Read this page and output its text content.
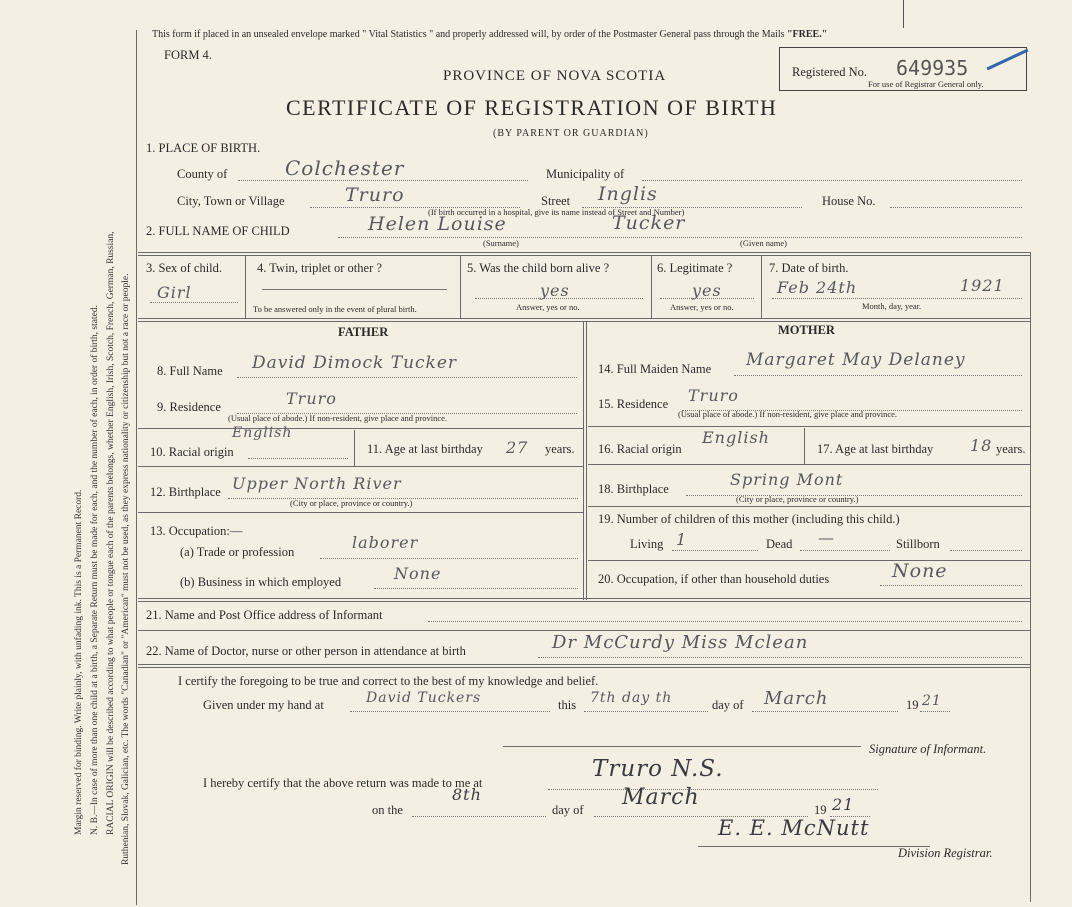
Margin reserved for binding. Write plainly, with unfading ink. This is a Permanent Record. N. B.—In case of more than one child at a birth, a Separate Return must be made for each, and the number of each, in order of birth, stated. RACIAL ORIGIN will be described according to what people or tongue each of the parents belongs, whether English, Irish, Scotch, French, German, Russian, Ruthenian, Slovak, Galician, etc. The words "Canadian" or "American" must not be used, as they express nationality or citizenship but not a race or people.
This form if placed in an unsealed envelope marked " Vital Statistics " and properly addressed will, by order of the Postmaster General pass through the Mails "FREE."
FORM 4.
Registered No. 649935
For use of Registrar General only.
PROVINCE OF NOVA SCOTIA
CERTIFICATE OF REGISTRATION OF BIRTH
(BY PARENT OR GUARDIAN)
1. PLACE OF BIRTH.
County of	Colchester	Municipality of
City, Town or Village	Truro	Street Inglis
(If birth occurred in a hospital, give its name instead of Street and Number)
House No.
2. FULL NAME OF CHILD	Helen Louise	Tucker
(Surname)	(Given name)
3. Sex of child.
Girl
4. Twin, triplet or other ?
To be answered only in the event of plural birth.
5. Was the child born alive ?
yes
Answer, yes or no.
6. Legitimate ?
yes
Answer, yes or no.
7. Date of birth.
Feb 24th	1921
Month, day, year.
FATHER	MOTHER
8. Full Name David Dimock Tucker
9. Residence	Truro
(Usual place of abode.) If non-resident, give place and province.
10. Racial origin
English
11. Age at last birthday 27 years.
12. Birthplace Upper North River
(City or place, province or country.)
13. Occupation:—
(a) Trade or profession	laborer
(b) Business in which employed	None
14. Full Maiden Name Margaret May Delaney
15. Residence Truro
(Usual place of abode.) If non-resident, give place and province.
16. Racial origin
English
17. Age at last birthday 18 years.
18. Birthplace	Spring Mont
(City or place, province or country.)
19. Number of children of this mother (including this child.)
Living 1	Dead —	Stillborn
20. Occupation, if other than household duties	None
21. Name and Post Office address of Informant
22. Name of Doctor, nurse or other person in attendance at birth	Dr McCurdy Miss Mclean
I certify the foregoing to be true and correct to the best of my knowledge and belief.
Given under my hand at	David Tuckers	this 7th day th	day of March	19 21
Signature of Informant.
I hereby certify that the above return was made to me at
Truro N.S.
on the
8th
day of March	19 21
E. E. McNutt
Division Registrar.
